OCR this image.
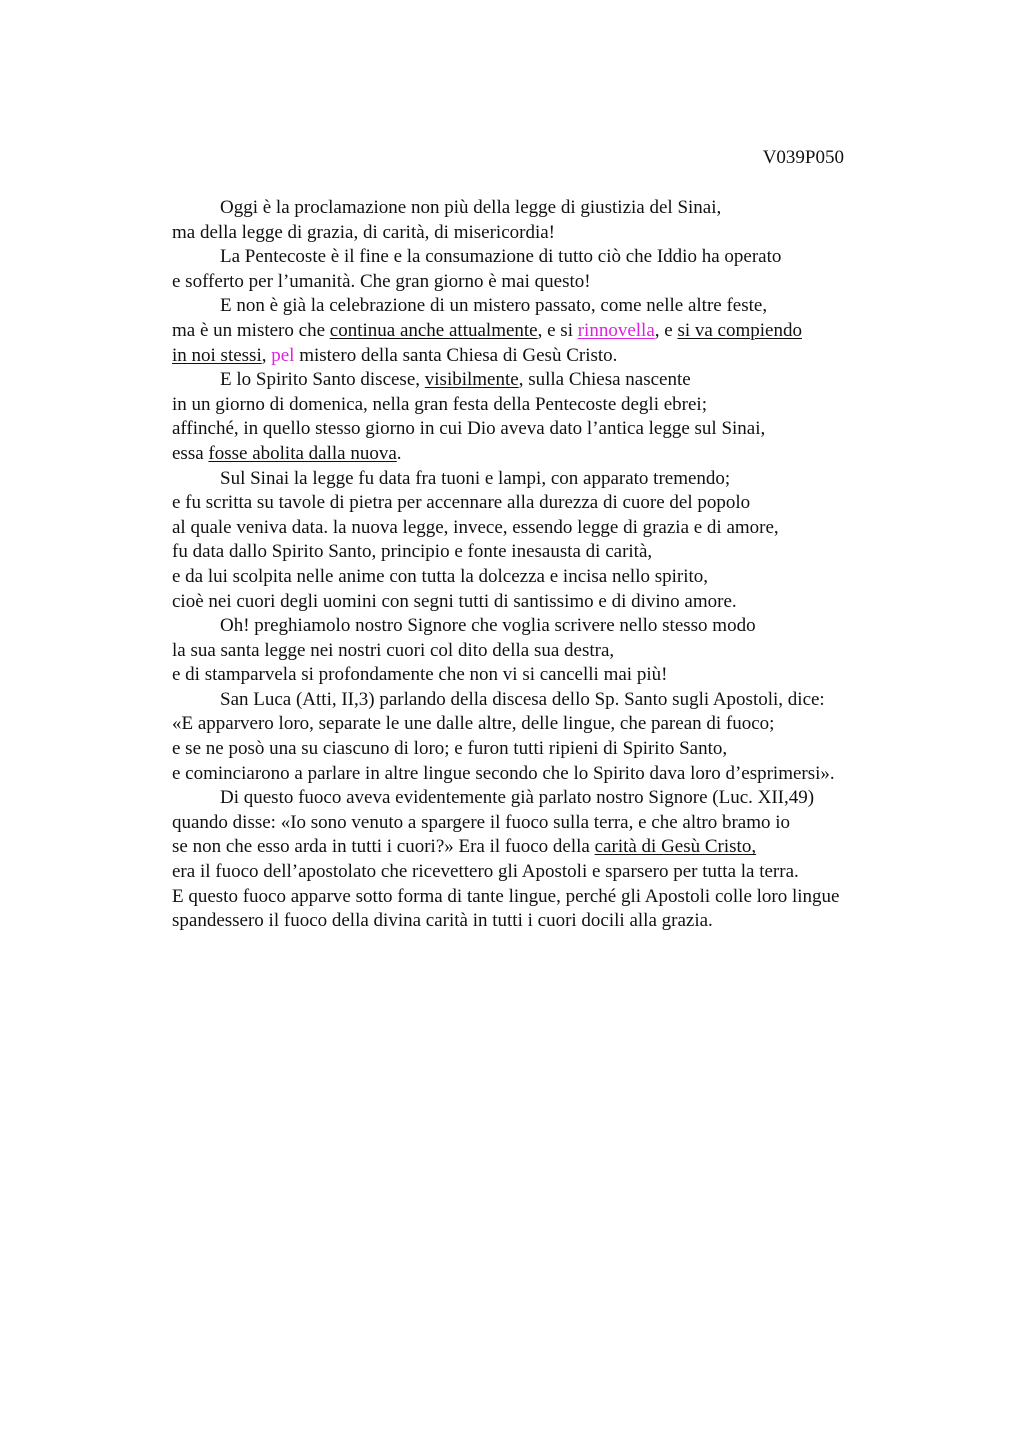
V039P050
Oggi è la proclamazione non più della legge di giustizia del Sinai,
ma della legge di grazia, di carità, di misericordia!
La Pentecoste è il fine e la consumazione di tutto ciò che Iddio ha operato
e sofferto per l’umanità. Che gran giorno è mai questo!
E non è già la celebrazione di un mistero passato, come nelle altre feste,
ma è un mistero che continua anche attualmente, e si rinnovella, e si va compiendo
in noi stessi, pel mistero della santa Chiesa di Gesù Cristo.
E lo Spirito Santo discese, visibilmente, sulla Chiesa nascente
in un giorno di domenica, nella gran festa della Pentecoste degli ebrei;
affinché, in quello stesso giorno in cui Dio aveva dato l’antica legge sul Sinai,
essa fosse abolita dalla nuova.
Sul Sinai la legge fu data fra tuoni e lampi, con apparato tremendo;
e fu scritta su tavole di pietra per accennare alla durezza di cuore del popolo
al quale veniva data. la nuova legge, invece, essendo legge di grazia e di amore,
fu data dallo Spirito Santo, principio e fonte inesausta di carità,
e da lui scolpita nelle anime con tutta la dolcezza e incisa nello spirito,
cioè nei cuori degli uomini con segni tutti di santissimo e di divino amore.
Oh! preghiamolo nostro Signore che voglia scrivere nello stesso modo
la sua santa legge nei nostri cuori col dito della sua destra,
e di stamparvela si profondamente che non vi si cancelli mai più!
San Luca (Atti, II,3) parlando della discesa dello Sp. Santo sugli Apostoli, dice:
«E apparvero loro, separate le une dalle altre, delle lingue, che parean di fuoco;
e se ne posò una su ciascuno di loro; e furon tutti ripieni di Spirito Santo,
e cominciarono a parlare in altre lingue secondo che lo Spirito dava loro d’esprimersi».
Di questo fuoco aveva evidentemente già parlato nostro Signore (Luc. XII,49)
quando disse: «Io sono venuto a spargere il fuoco sulla terra, e che altro bramo io
se non che esso arda in tutti i cuori?» Era il fuoco della carità di Gesù Cristo,
era il fuoco dell’apostolato che ricevettero gli Apostoli e sparsero per tutta la terra.
E questo fuoco apparve sotto forma di tante lingue, perché gli Apostoli colle loro lingue
spandessero il fuoco della divina carità in tutti i cuori docili alla grazia.
